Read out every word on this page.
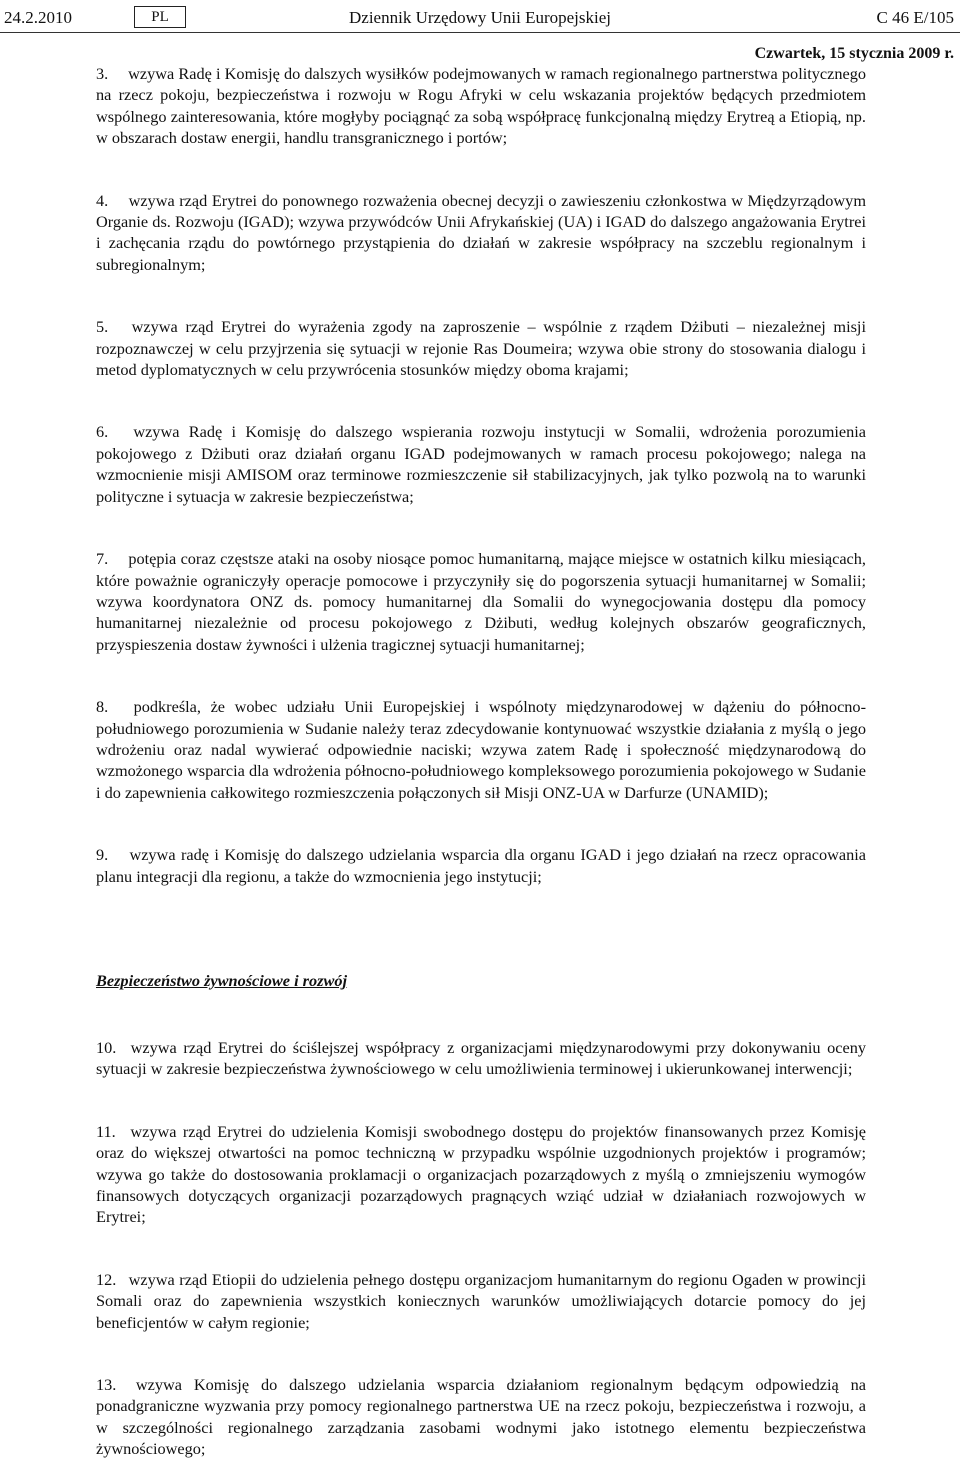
24.2.2010	PL	Dziennik Urzędowy Unii Europejskiej	C 46 E/105
Czwartek, 15 stycznia 2009 r.

3. wzywa Radę i Komisję do dalszych wysiłków podejmowanych w ramach regionalnego partnerstwa politycznego na rzecz pokoju, bezpieczeństwa i rozwoju w Rogu Afryki w celu wskazania projektów będących przedmiotem wspólnego zainteresowania, które mogłyby pociągnąć za sobą współpracę funkcjonalną między Erytreą a Etiopią, np. w obszarach dostaw energii, handlu transgranicznego i portów;

4. wzywa rząd Erytrei do ponownego rozważenia obecnej decyzji o zawieszeniu członkostwa w Międzyrządowym Organie ds. Rozwoju (IGAD); wzywa przywódców Unii Afrykańskiej (UA) i IGAD do dalszego angażowania Erytrei i zachęcania rządu do powtórnego przystąpienia do działań w zakresie współpracy na szczeblu regionalnym i subregionalnym;

5. wzywa rząd Erytrei do wyrażenia zgody na zaproszenie – wspólnie z rządem Dżibuti – niezależnej misji rozpoznawczej w celu przyjrzenia się sytuacji w rejonie Ras Doumeira; wzywa obie strony do stosowania dialogu i metod dyplomatycznych w celu przywrócenia stosunków między oboma krajami;

6. wzywa Radę i Komisję do dalszego wspierania rozwoju instytucji w Somalii, wdrożenia porozumienia pokojowego z Dżibuti oraz działań organu IGAD podejmowanych w ramach procesu pokojowego; nalega na wzmocnienie misji AMISOM oraz terminowe rozmieszczenie sił stabilizacyjnych, jak tylko pozwolą na to warunki polityczne i sytuacja w zakresie bezpieczeństwa;

7. potępia coraz częstsze ataki na osoby niosące pomoc humanitarną, mające miejsce w ostatnich kilku miesiącach, które poważnie ograniczyły operacje pomocowe i przyczyniły się do pogorszenia sytuacji humanitarnej w Somalii; wzywa koordynatora ONZ ds. pomocy humanitarnej dla Somalii do wynegocjowania dostępu dla pomocy humanitarnej niezależnie od procesu pokojowego z Dżibuti, według kolejnych obszarów geograficznych, przyspieszenia dostaw żywności i ulżenia tragicznej sytuacji humanitarnej;

8. podkreśla, że wobec udziału Unii Europejskiej i wspólnoty międzynarodowej w dążeniu do północno-południowego porozumienia w Sudanie należy teraz zdecydowanie kontynuować wszystkie działania z myślą o jego wdrożeniu oraz nadal wywierać odpowiednie naciski; wzywa zatem Radę i społeczność międzynarodową do wzmożonego wsparcia dla wdrożenia północno-południowego kompleksowego porozumienia pokojowego w Sudanie i do zapewnienia całkowitego rozmieszczenia połączonych sił Misji ONZ-UA w Darfurze (UNAMID);

9. wzywa radę i Komisję do dalszego udzielania wsparcia dla organu IGAD i jego działań na rzecz opracowania planu integracji dla regionu, a także do wzmocnienia jego instytucji;

Bezpieczeństwo żywnościowe i rozwój

10. wzywa rząd Erytrei do ściślejszej współpracy z organizacjami międzynarodowymi przy dokonywaniu oceny sytuacji w zakresie bezpieczeństwa żywnościowego w celu umożliwienia terminowej i ukierunkowanej interwencji;

11. wzywa rząd Erytrei do udzielenia Komisji swobodnego dostępu do projektów finansowanych przez Komisję oraz do większej otwartości na pomoc techniczną w przypadku wspólnie uzgodnionych projektów i programów; wzywa go także do dostosowania proklamacji o organizacjach pozarządowych z myślą o zmniejszeniu wymogów finansowych dotyczących organizacji pozarządowych pragnących wziąć udział w działaniach rozwojowych w Erytrei;

12. wzywa rząd Etiopii do udzielenia pełnego dostępu organizacjom humanitarnym do regionu Ogaden w prowincji Somali oraz do zapewnienia wszystkich koniecznych warunków umożliwiających dotarcie pomocy do jej beneficjentów w całym regionie;

13. wzywa Komisję do dalszego udzielania wsparcia działaniom regionalnym będącym odpowiedzią na ponadgraniczne wyzwania przy pomocy regionalnego partnerstwa UE na rzecz pokoju, bezpieczeństwa i rozwoju, a w szczególności regionalnego zarządzania zasobami wodnymi jako istotnego elementu bezpieczeństwa żywnościowego;
